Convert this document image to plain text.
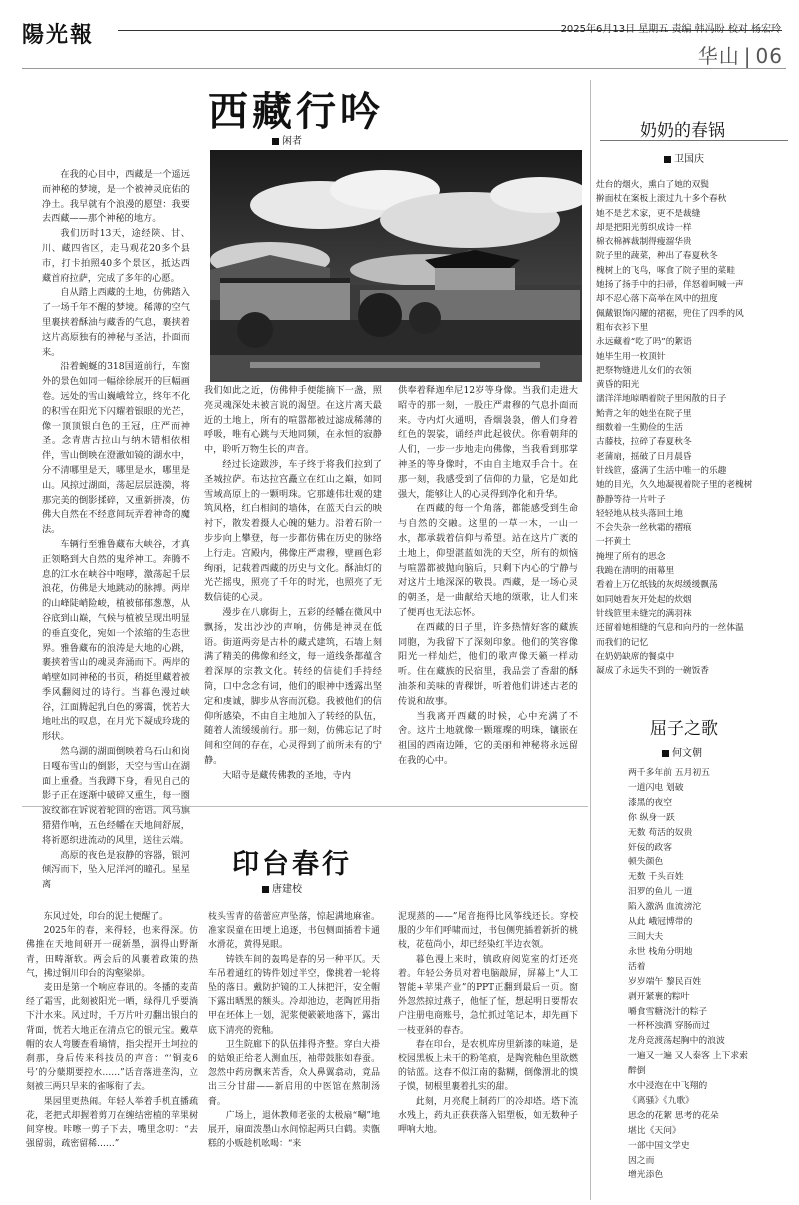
陽光報	2025年6月13日 星期五 责编 韩冯盼 校对 杨宏玲
华山 | 06
西藏行吟
闲者

在我的心目中，西藏是一个遥远而神秘的梦境，是一个被神灵庇佑的净土。我早就有个浪漫的愿望：我要去西藏——那个神秘的地方。

我们历时13天，途经陕、甘、川、藏四省区，走马观花20多个县市，打卡拍照40多个景区，抵达西藏首府拉萨，完成了多年的心愿。

自从踏上西藏的土地，仿佛踏入了一场千年不醒的梦境。稀薄的空气里裹挟着酥油与藏香的气息，裹挟着这片高原独有的神秘与圣洁，扑面而来。

沿着蜿蜒的318国道前行，车窗外的景色如同一幅徐徐展开的巨幅画卷。远处的雪山巍峨耸立，终年不化的积雪在阳光下闪耀着银眼的光芒，像一顶顶银白色的王冠，庄严而神圣。念青唐古拉山与纳木错相依相伴，雪山倒映在澄澈如镜的湖水中，分不清哪里是天，哪里是水，哪里是山。风掠过湖面，荡起层层涟漪，将那完美的倒影揉碎，又重新拼凑，仿佛大自然在不经意间玩弄着神奇的魔法。

车辆行至雅鲁藏布大峡谷，才真正领略到大自然的鬼斧神工。奔腾不息的江水在峡谷中咆哮，激荡起千层浪花，仿佛是大地跳动的脉搏。两岸的山峰陡峭险峻，植被郁郁葱葱，从谷底到山巅，气候与植被呈现出明显的垂直变化，宛如一个浓缩的生态世界。雅鲁藏布的浪涛是大地的心跳，裹挟着雪山的魂灵奔涌而下。两岸的峭壁如同神秘的书页，稍挺里藏着被季风翻阅过的诗行。当暮色漫过峡谷，江面腾起乳白色的雾霭，恍若大地吐出的叹息，在月光下凝成玲珑的形状。

然乌湖的湖面倒映着乌石山和岗日嘎布雪山的倒影，天空与雪山在湖面上重叠。当我蹲下身，看见自己的影子正在逐渐中破碎又重生，每一圈波纹都在诉说着轮回的密语。风马旗猎猎作响，五色经幡在天地间舒展，将祈愿织进流动的风里，送往云端。

高原的夜色是寂静的容器，银河倾泻而下，坠入尼洋河的瞳孔。星星离

我们如此之近，仿佛伸手便能摘下一盏，照亮灵魂深处未被言说的渴望。在这片离天最近的土地上，所有的喧嚣都被过滤成稀薄的呼吸，唯有心跳与天地同频，在永恒的寂静中，聆听万物生长的声音。

经过长途跋涉，车子终于将我们拉到了圣城拉萨。布达拉宫矗立在红山之巅，如同雪域高原上的一颗明珠。它那雄伟壮观的建筑风格，红白相间的墙体，在蓝天白云的映衬下，散发着摄人心魄的魅力。沿着石阶一步步向上攀登，每一步都仿佛在历史的脉络上行走。宫殿内，佛像庄严肃穆，壁画色彩绚丽，记载着西藏的历史与文化。酥油灯的光芒摇曳，照亮了千年的时光，也照亮了无数信徒的心灵。

漫步在八廓街上，五彩的经幡在微风中飘扬，发出沙沙的声响，仿佛是神灵在低语。街道两旁是古朴的藏式建筑，石墙上刻满了精美的佛像和经文，每一道线条都蕴含着深厚的宗教文化。转经的信徒们手持经筒，口中念念有词，他们的眼神中透露出坚定和虔诚，脚步从容而沉稳。我被他们的信仰所感染，不由自主地加入了转经的队伍，随着人流缓缓前行。那一刻，仿佛忘记了时间和空间的存在，心灵得到了前所未有的宁静。

大昭寺是藏传佛教的圣地，寺内

供奉着释迦牟尼12岁等身像。当我们走进大昭寺的那一刻，一股庄严肃穆的气息扑面而来。寺内灯火通明，香烟袅袅，僧人们身着红色的袈裟，诵经声此起彼伏。你看朝拜的人们，一步一步地走向佛像，当我看到那掌神圣的等身像时，不由自主地双手合十。在那一刻，我感受到了信仰的力量，它是如此强大，能够让人的心灵得到净化和升华。

在西藏的每一个角落，都能感受到生命与自然的交融。这里的一草一木，一山一水，都承载着信仰与希望。站在这片广袤的土地上，仰望湛蓝如洗的天空，所有的烦恼与喧嚣都被抛向脑后，只剩下内心的宁静与对这片土地深深的敬畏。西藏，是一场心灵的朝圣，是一曲献给天地的颂歌，让人们来了便再也无法忘怀。

在西藏的日子里，许多热情好客的藏族同胞，为我留下了深刻印象。他们的笑容像阳光一样灿烂，他们的歌声像天籁一样动听。住在藏族的民宿里，我品尝了香甜的酥油茶和美味的青稞饼，听着他们讲述古老的传说和故事。

当我离开西藏的时候，心中充满了不舍。这片土地就像一颗璀璨的明珠，镶嵌在祖国的西南边陲，它的美丽和神秘将永远留在我的心中。

印台春行
唐建校

东风过处，印台的泥土便醒了。

2025年的春，来得轻，也来得深。仿佛推在天地间研开一砚新墨，洇得山野渐青，田畴渐软。两会后的风裹着政策的热气，拂过铜川印台的沟壑梁峁。

麦田是第一个响应春讯的。冬播的麦苗经了霜雪，此刻被阳光一晒，绿得几乎要淌下汁水来。风过时，千万片叶刃翻出银白的背面，恍若大地正在清点它的银元宝。戴草帽的农人弯腰查看墒情，指尖捏开土坷拉的刹那，身后传来科技员的声音：“‘铜麦6号’的分蘖期要控水……”话音落进垄沟，立刻被三两只早来的雀啄衔了去。

果园里更热闹。年轻人举着手机直播疏花，老把式却握着剪刀在缠结密植的苹果树间穿梭。咔嚓一剪子下去，嘴里念叨：“去强留弱，疏密留稀……”

枝头雪青的蓓蕾应声坠落，惊起满地麻雀。准家误童在田埂上追逐，书包侧面插着卡通水滑花，黄得晃眼。

铸铁车间的轰鸣是春的另一种平仄。天车吊着通红的铸件划过半空，像挑着一轮将坠的落日。戴防护镜的工人抹把汗，安全帽下露出晒黑的额头。冷却池边，老陶匠用指甲在坯体上一划，泥浆便簌簌地落下，露出底下清亮的瓷釉。

卫生院廊下的队伍排得齐整。穿白大褂的姑娘正给老人测血压，袖带鼓胀如春蚕。忽然中药房飘来苦香，众人鼻翼翕动，竟品出三分甘甜——新启用的中医馆在熬制汤膏。

广场上，退休教师老张的太极扇“唰”地展开，扇面泼墨山水间惊起两只白鹤。卖甑糕的小贩趁机吆喝：“来

泥现蒸的——”尾音拖得比风筝线还长。穿校服的少年们呼啸而过，书包侧兜插着新折的桃枝，花苞尚小，却已经染红半边衣领。

暮色漫上来时，镇政府阅览室的灯还亮着。年轻公务员对着电脑敲屏，屏幕上“人工智能+苹果产业”的PPT正翻到最后一页。窗外忽然掠过燕子，他怔了怔，想起明日要帮农户注册电商账号，急忙抓过笔记本，却先画下一枝亚斜的春杏。

春在印台，是农机库房里新漆的味道，是校园黑板上未干的粉笔痕，是陶瓷釉色里欲燃的钴蓝。这春不似江南的黏糊，倒像渭北的馍子馍，韧根里裹着扎实的甜。

此刻，月亮爬上制药厂的冷却塔。塔下流水残上，药丸正获获落入铝塑板，如无数种子呷响大地。

奶奶的春锅
卫国庆
灶台的烟火，熏白了她的双鬓
擀面杖在案板上滚过九十多个春秋
她不是艺术家，更不是裁缝
却是把阳光剪织成诗一样
棉衣棉裤裁制得瘦溜华贵
院子里的蔬菜，种出了春夏秋冬
槐树上的飞鸟，啄食了院子里的菜畦
她扬了扬手中的扫帚，佯怒着呵喊一声
却不忍心落下高举在风中的扭度
佩戴银饰闪耀的裙裾，兜住了四季的风
粗布衣衫下里
永远藏着“吃了吗”的絮语
她毕生用一枚顶针
把祭物缝进儿女们的衣领
黄昏的阳光
濡洋洋地晾晒着院子里闲散的日子
鲐背之年的她坐在院子里
细数着一生勤俭的生活
古藤枝，拉碎了春夏秋冬
老蒲扇，摇破了日月晨昏
针线笸，盛满了生活中唯一的乐趣
她的目光，久久地凝视着院子里的老槐树
静静等待一片叶子
轻轻地从枝头落回土地
不会失杂一丝秋霜的褶痕
一抔黄土
掩埋了所有的思念
我跪在清明的雨幕里
看着上万亿纸钱的灰烬缓缓飘荡
如同她看灰开处起的炊烟
针线笸里未缝完的满羽袜
还留着她相缝的气息和向丹的一丝体温
而我们的记忆
在奶奶缺席的餐桌中
凝成了永远失不到的一碗饭香
屈子之歌
何文朝
两千多年前 五月初五
一道闪电 划破
漆黑的夜空
你 纵身一跃
无数 苟活的奴贵
奸佞的政客
顿失颜色
无数 千头百姓
汨罗的鱼儿 一道
陷入激涡 血流滂沱
从此 峨冠博带的
三闾大夫
永世 栈角分明地
活着
岁岁端午 黎民百姓
剥开紧裹的粽叶
嚼食雪糖浇汁的粽子
一杯杯浊酒 穿肠而过
龙舟竞渡荡起胸中的浪波
一遍又一遍 又人泰客 上下求索
醉倒
水中浸泡在中飞翔的
《离骚》《九歌》
思念的花絮 思考的花朵
堪比《天问》
一部中国文学史
因之而
增光添色
